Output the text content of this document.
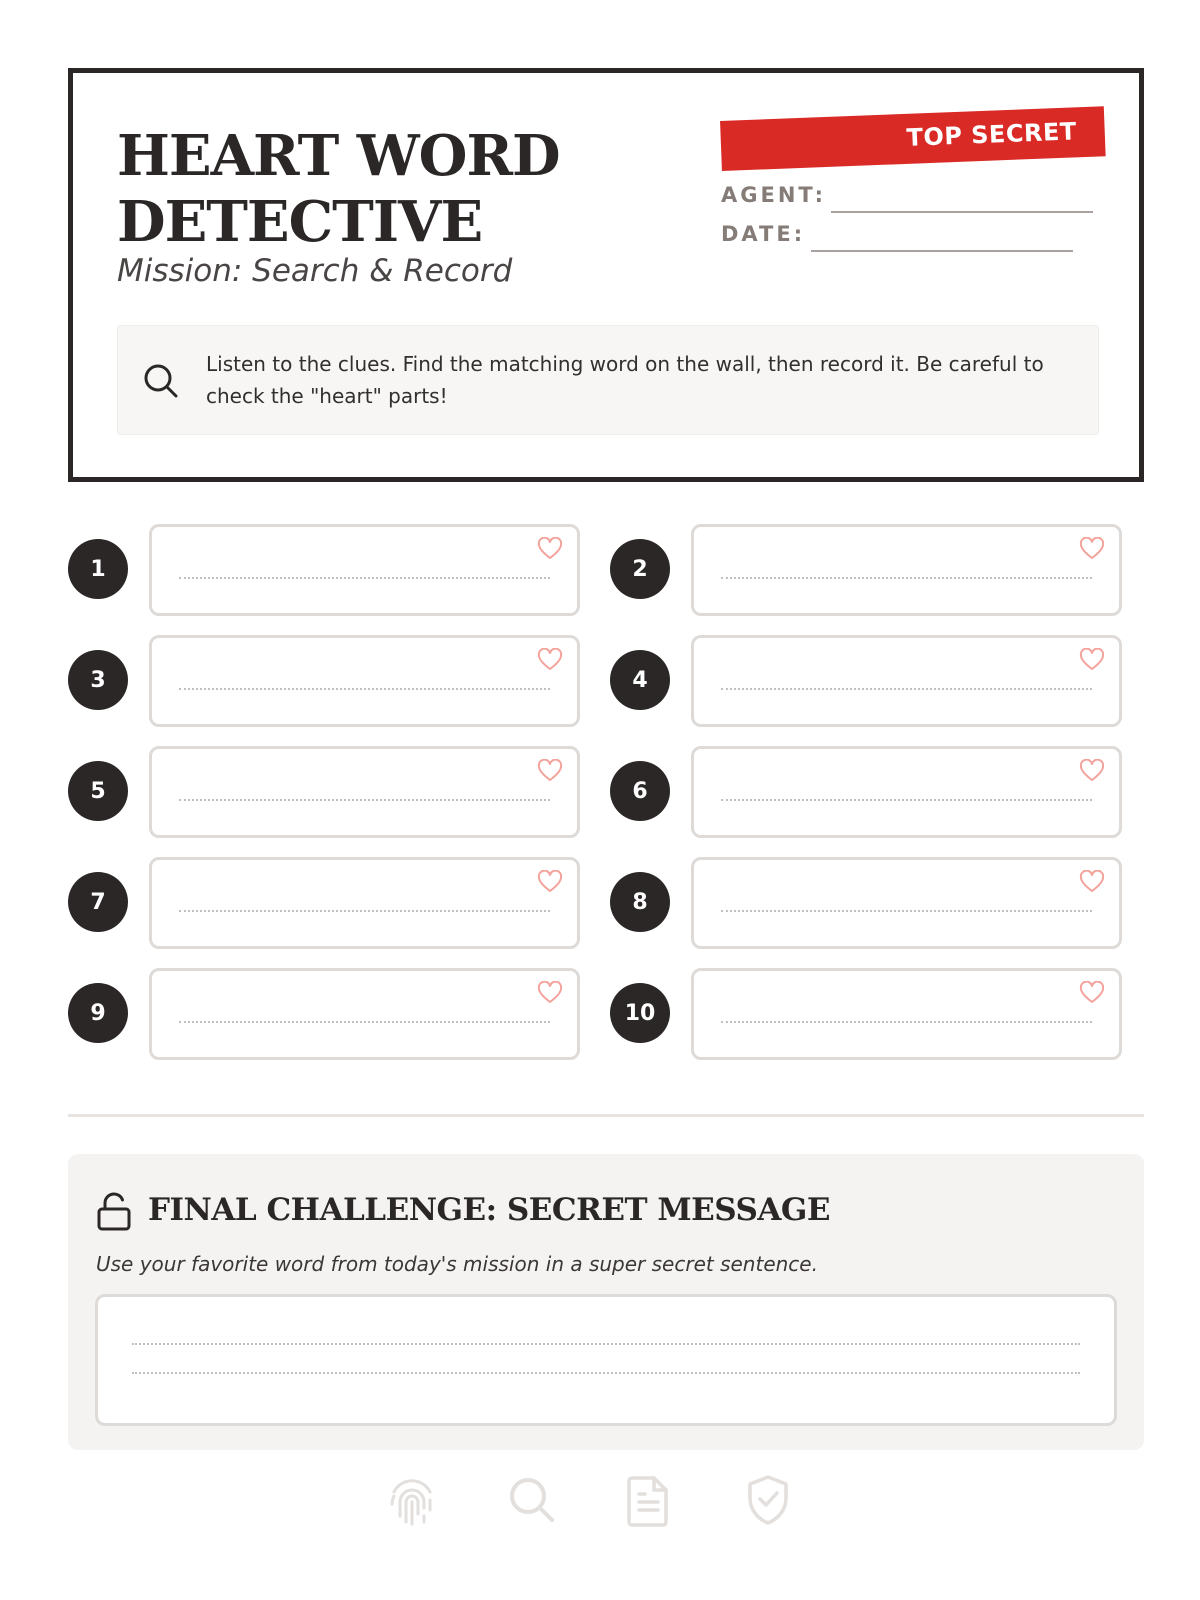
HEART WORD
DETECTIVE
Mission: Search & Record
TOP SECRET
AGENT:
DATE:
Listen to the clues. Find the matching word on the wall, then record it. Be careful to check the "heart" parts!
1	2
3	4
5	6
7	8
9	10
FINAL CHALLENGE: SECRET MESSAGE
Use your favorite word from today's mission in a super secret sentence.
